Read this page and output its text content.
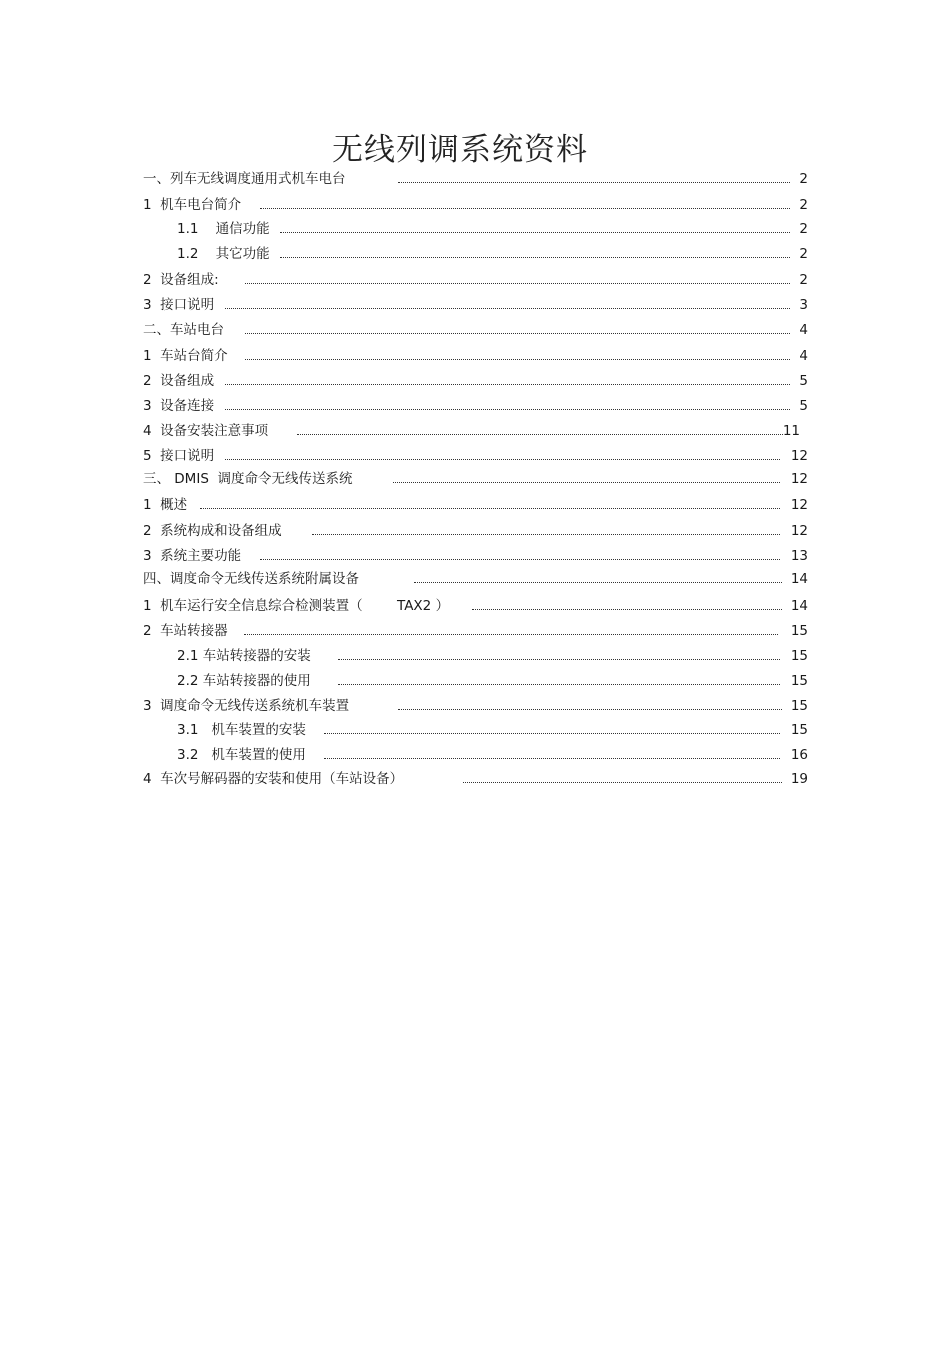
无线列调系统资料
一、列车无线调度通用式机车电台	2
1  机车电台简介	2
1.1    通信功能	2
1.2    其它功能	2
2  设备组成:	2
3  接口说明	3
二、车站电台	4
1  车站台简介	4
2  设备组成	5
3  设备连接	5
4  设备安装注意事项	11
5  接口说明	12
三、 DMIS  调度命令无线传送系统	12
1  概述	12
2  系统构成和设备组成	12
3  系统主要功能	13
四、调度命令无线传送系统附属设备	14
1  机车运行安全信息综合检测装置（        TAX2 ）	14
2  车站转接器	15
2.1 车站转接器的安装	15
2.2 车站转接器的使用	15
3  调度命令无线传送系统机车装置	15
3.1   机车装置的安装	15
3.2   机车装置的使用	16
4  车次号解码器的安装和使用（车站设备）	19
